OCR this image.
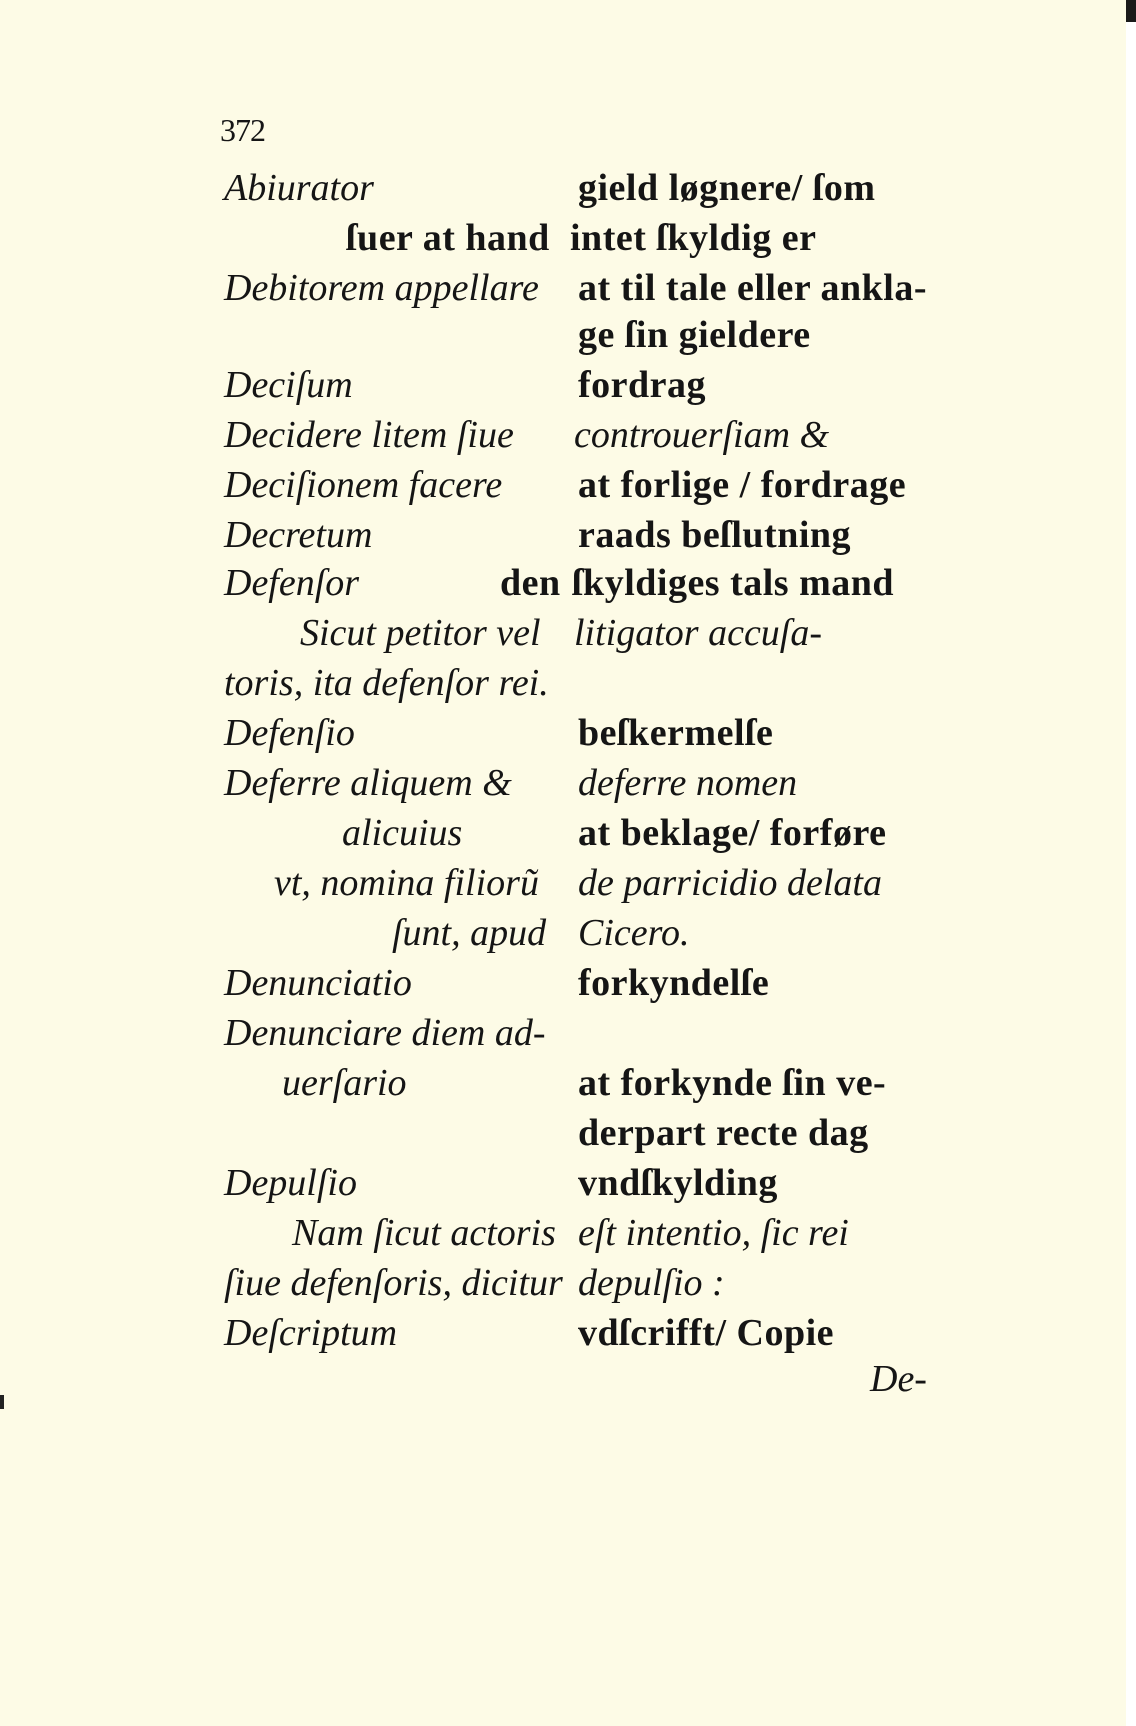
372
Abiurator
ſuer at hand
Debitorem appellare
Deciſum
Decidere litem ſiue
Deciſionem facere
Decretum
Defenſor	den
Sicut petitor vel
toris, ita defenſor rei.
Defenſio
Deferre aliquem &
alicuius
vt, nomina filiorũ
ſunt, apud
Denunciatio
Denunciare diem ad-
uerſario
Depulſio
Nam ſicut actoris
ſiue defenſoris, dicitur
Deſcriptum
gield løgnere/ ſom
intet ſkyldig er
at til tale eller ankla-
ge ſin gieldere
fordrag
controuerſiam &
at forlige / fordrage
raads beſlutning
ſkyldiges tals mand
litigator accuſa-
beſkermelſe
deferre nomen
at beklage/ forføre
de parricidio delata
Cicero.
forkyndelſe
at forkynde ſin ve-
derpart recte dag
vndſkylding
eſt intentio, ſic rei
depulſio :
vdſcrifft/ Copie
De-
